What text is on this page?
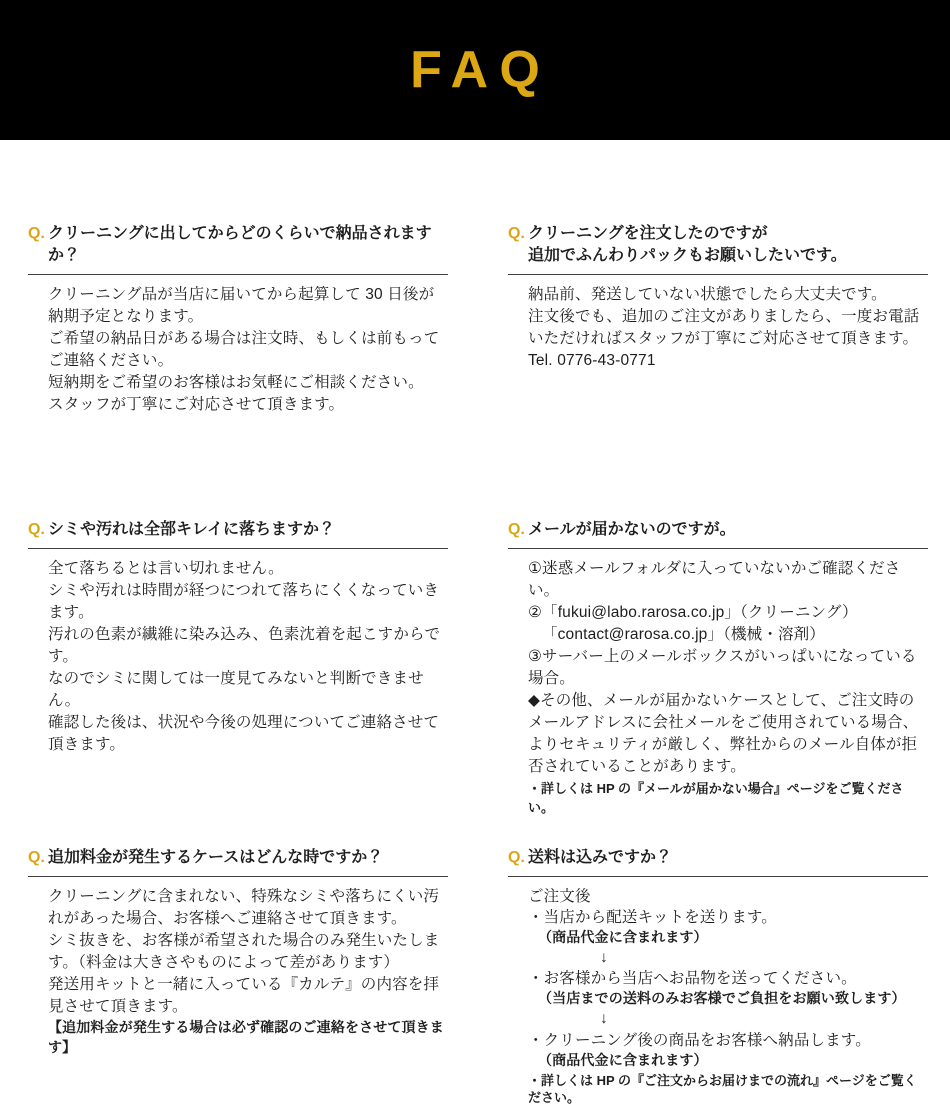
FAQ
Q. クリーニングに出してからどのくらいで納品されますか？

クリーニング品が当店に届いてから起算して 30 日後が納期予定となります。

ご希望の納品日がある場合は注文時、もしくは前もってご連絡ください。

短納期をご希望のお客様はお気軽にご相談ください。

スタッフが丁寧にご対応させて頂きます。

Q. クリーニングを注文したのですが
追加でふんわりパックもお願いしたいです。

納品前、発送していない状態でしたら大丈夫です。

注文後でも、追加のご注文がありましたら、一度お電話いただければスタッフが丁寧にご対応させて頂きます。

Tel. 0776-43-0771

Q. シミや汚れは全部キレイに落ちますか？

全て落ちるとは言い切れません。

シミや汚れは時間が経つにつれて落ちにくくなっていきます。

汚れの色素が繊維に染み込み、色素沈着を起こすからです。

なのでシミに関しては一度見てみないと判断できません。

確認した後は、状況や今後の処理についてご連絡させて頂きます。

Q. メールが届かないのですが。

①迷惑メールフォルダに入っていないかご確認ください。

②「fukui@labo.rarosa.co.jp」（クリーニング）

「contact@rarosa.co.jp」（機械・溶剤）

③サーバー上のメールボックスがいっぱいになっている場合。

◆その他、メールが届かないケースとして、ご注文時のメールアドレスに会社メールをご使用されている場合、よりセキュリティが厳しく、弊社からのメール自体が拒否されていることがあります。

・詳しくは HP の『メールが届かない場合』ページをご覧ください。

Q. 追加料金が発生するケースはどんな時ですか？

クリーニングに含まれない、特殊なシミや落ちにくい汚れがあった場合、お客様へご連絡させて頂きます。

シミ抜きを、お客様が希望された場合のみ発生いたします。（料金は大きさやものによって差があります）

発送用キットと一緒に入っている『カルテ』の内容を拝見させて頂きます。

【追加料金が発生する場合は必ず確認のご連絡をさせて頂きます】

Q. 送料は込みですか？

ご注文後

・当店から配送キットを送ります。

（商品代金に含まれます）

↓

・お客様から当店へお品物を送ってください。

（当店までの送料のみお客様でご負担をお願い致します）

↓

・クリーニング後の商品をお客様へ納品します。

（商品代金に含まれます）

・詳しくは HP の『ご注文からお届けまでの流れ』ページをご覧ください。
